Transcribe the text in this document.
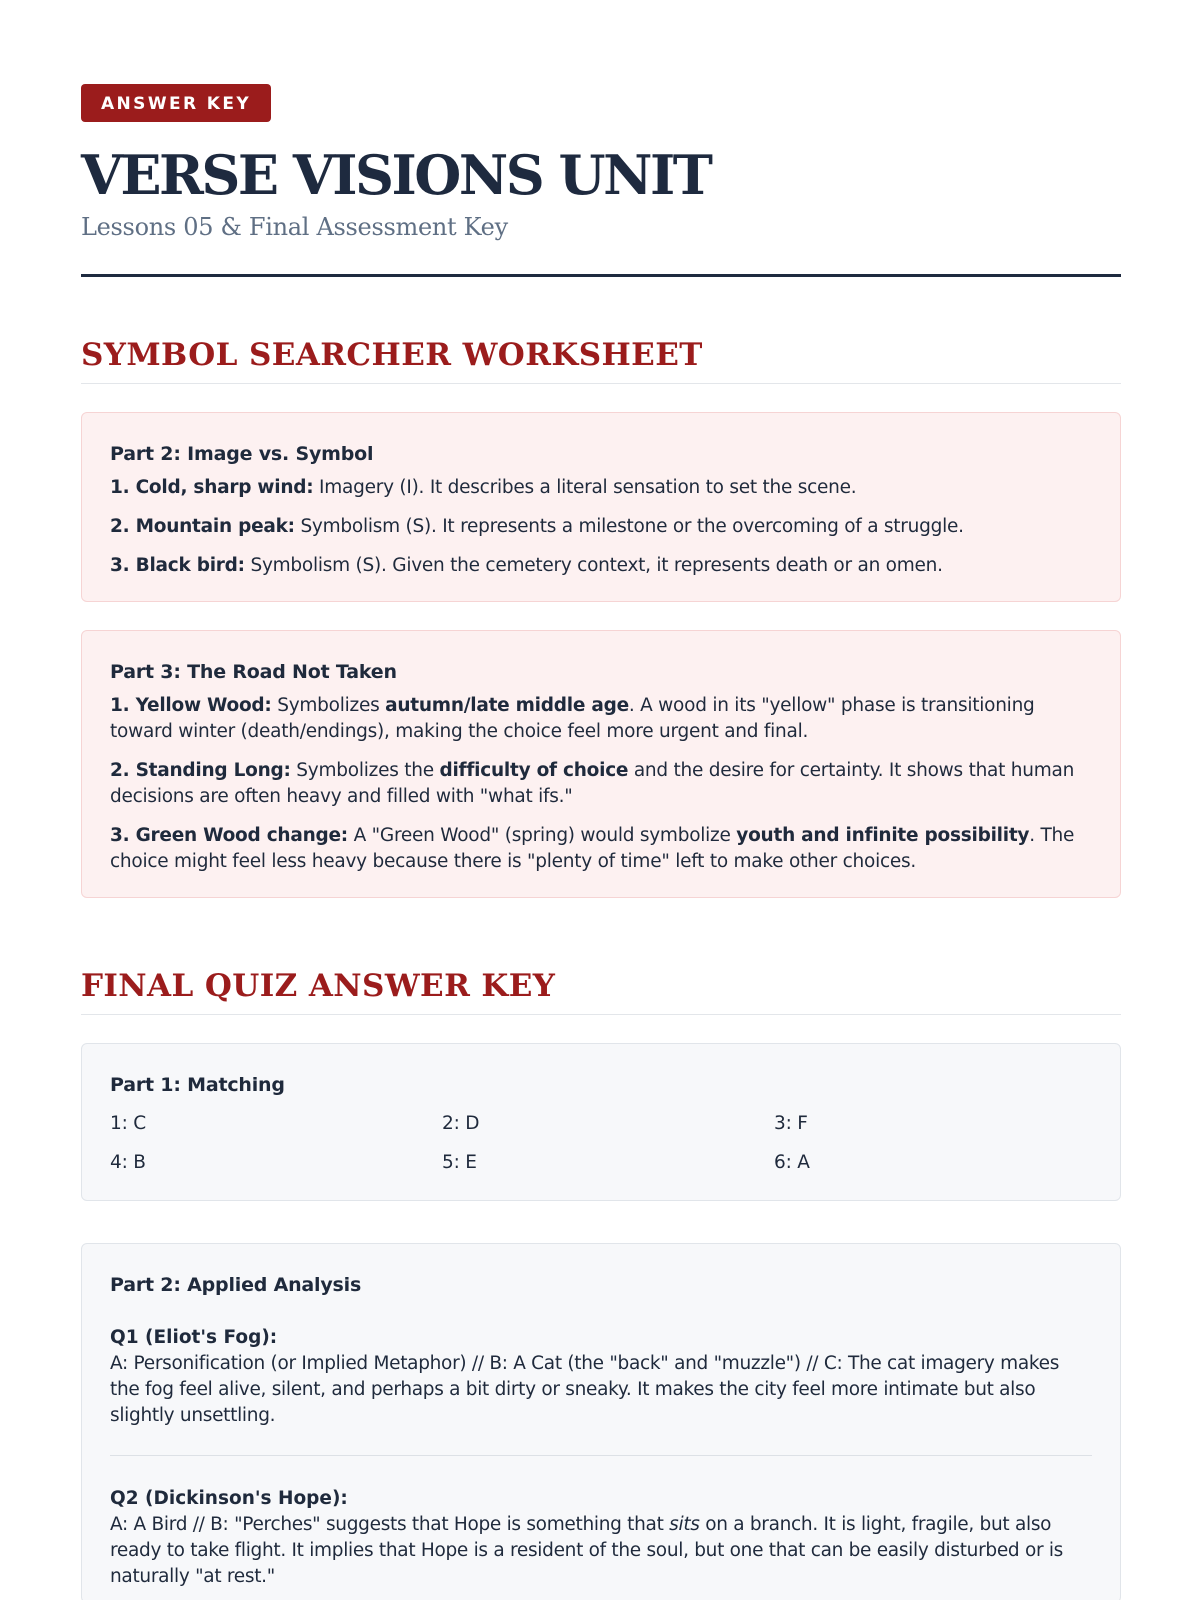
ANSWER KEY
VERSE VISIONS UNIT
Lessons 05 & Final Assessment Key
SYMBOL SEARCHER WORKSHEET
Part 2: Image vs. Symbol

1. Cold, sharp wind: Imagery (I). It describes a literal sensation to set the scene.

2. Mountain peak: Symbolism (S). It represents a milestone or the overcoming of a struggle.

3. Black bird: Symbolism (S). Given the cemetery context, it represents death or an omen.

Part 3: The Road Not Taken

1. Yellow Wood: Symbolizes autumn/late middle age. A wood in its "yellow" phase is transitioning toward winter (death/endings), making the choice feel more urgent and final.

2. Standing Long: Symbolizes the difficulty of choice and the desire for certainty. It shows that human decisions are often heavy and filled with "what ifs."

3. Green Wood change: A "Green Wood" (spring) would symbolize youth and infinite possibility. The choice might feel less heavy because there is "plenty of time" left to make other choices.

FINAL QUIZ ANSWER KEY
Part 1: Matching
1: C	2: D	3: F
4: B	5: E	6: A
Part 2: Applied Analysis
Q1 (Eliot's Fog):
A: Personification (or Implied Metaphor) // B: A Cat (the "back" and "muzzle") // C: The cat imagery makes the fog feel alive, silent, and perhaps a bit dirty or sneaky. It makes the city feel more intimate but also slightly unsettling.
Q2 (Dickinson's Hope):
A: A Bird // B: "Perches" suggests that Hope is something that sits on a branch. It is light, fragile, but also ready to take flight. It implies that Hope is a resident of the soul, but one that can be easily disturbed or is naturally "at rest."
